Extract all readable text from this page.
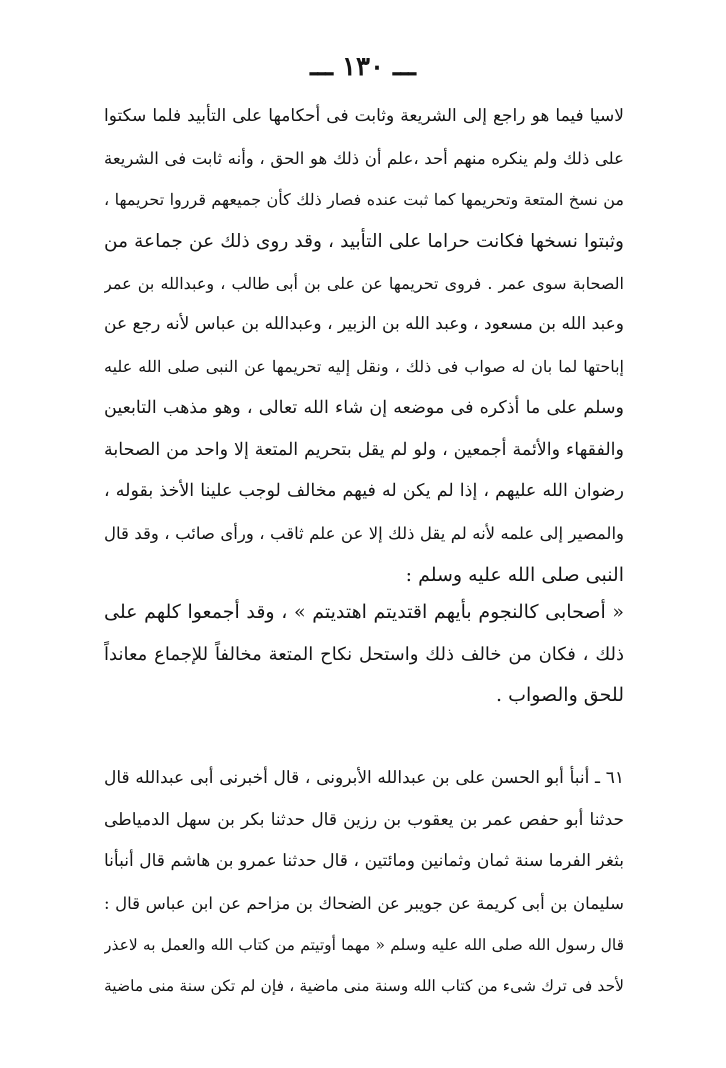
ـــ ١٣٠ ـــ
لاسيا فيما هو راجع إلى الشريعة وثابت فى أحكامها على التأبيد فلما سكتوا
على ذلك ولم ينكره منهم أحد ،علم أن ذلك هو الحق ، وأنه ثابت فى الشريعة
من نسخ المتعة وتحريمها كما ثبت عنده فصار ذلك كأن جميعهم قرروا تحريمها ،
وثبتوا نسخها فكانت حراما على التأبيد ، وقد روى ذلك عن جماعة من
الصحابة سوى عمر . فروى تحريمها عن على بن أبى طالب ، وعبدالله بن عمر
وعبد الله بن مسعود ، وعبد الله بن الزبير ، وعبدالله بن عباس لأنه رجع عن
إباحتها لما بان له صواب فى ذلك ، ونقل إليه تحريمها عن النبى صلى الله عليه
وسلم على ما أذكره فى موضعه إن شاء الله تعالى ، وهو مذهب التابعين
والفقهاء والأئمة أجمعين ، ولو لم يقل بتحريم المتعة إلا واحد من الصحابة
رضوان الله عليهم ، إذا لم يكن له فيهم مخالف لوجب علينا الأخذ بقوله ،
والمصير إلى علمه لأنه لم يقل ذلك إلا عن علم ثاقب ، ورأى صائب ، وقد قال
النبى صلى الله عليه وسلم :
« أصحابى كالنجوم بأيهم اقتديتم اهتديتم » ، وقد أجمعوا كلهم على
ذلك ، فكان من خالف ذلك واستحل نكاح المتعة مخالفاً للإجماع معانداً
للحق والصواب .
٦١ ـ أنبأ أبو الحسن على بن عبدالله الأبرونى ، قال أخبرنى أبى عبدالله قال
حدثنا أبو حفص عمر بن يعقوب بن رزين قال حدثنا بكر بن سهل الدمياطى
بثغر الفرما سنة ثمان وثمانين ومائتين ، قال حدثنا عمرو بن هاشم قال أنبأنا
سليمان بن أبى كريمة عن جويبر عن الضحاك بن مزاحم عن ابن عباس قال :
قال رسول الله صلى الله عليه وسلم « مهما أوتيتم من كتاب الله والعمل به لاعذر
لأحد فى ترك شىء من كتاب الله وسنة منى ماضية ، فإن لم تكن سنة منى ماضية
